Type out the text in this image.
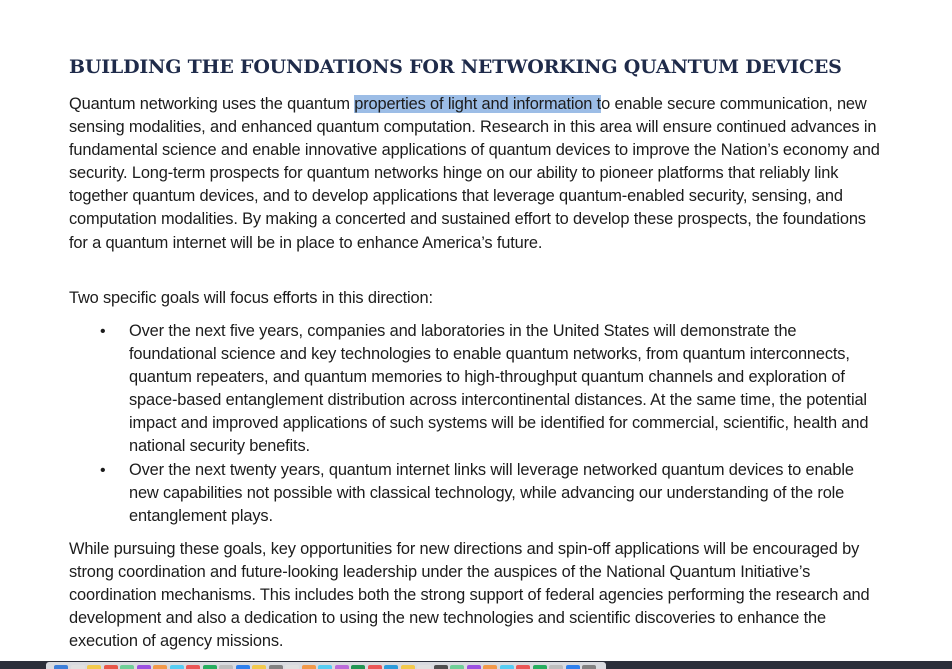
BUILDING THE FOUNDATIONS FOR NETWORKING QUANTUM DEVICES

Quantum networking uses the quantum properties of light and information to enable secure communication, new sensing modalities, and enhanced quantum computation. Research in this area will ensure continued advances in fundamental science and enable innovative applications of quantum devices to improve the Nation’s economy and security. Long-term prospects for quantum networks hinge on our ability to pioneer platforms that reliably link together quantum devices, and to develop applications that leverage quantum-enabled security, sensing, and computation modalities. By making a concerted and sustained effort to develop these prospects, the foundations for a quantum internet will be in place to enhance America’s future.

Two specific goals will focus efforts in this direction:

• Over the next five years, companies and laboratories in the United States will demonstrate the foundational science and key technologies to enable quantum networks, from quantum interconnects, quantum repeaters, and quantum memories to high-throughput quantum channels and exploration of space-based entanglement distribution across intercontinental distances. At the same time, the potential impact and improved applications of such systems will be identified for commercial, scientific, health and national security benefits.
• Over the next twenty years, quantum internet links will leverage networked quantum devices to enable new capabilities not possible with classical technology, while advancing our understanding of the role entanglement plays.

While pursuing these goals, key opportunities for new directions and spin-off applications will be encouraged by strong coordination and future-looking leadership under the auspices of the National Quantum Initiative’s coordination mechanisms. This includes both the strong support of federal agencies performing the research and development and also a dedication to using the new technologies and scientific discoveries to enhance the execution of agency missions.
